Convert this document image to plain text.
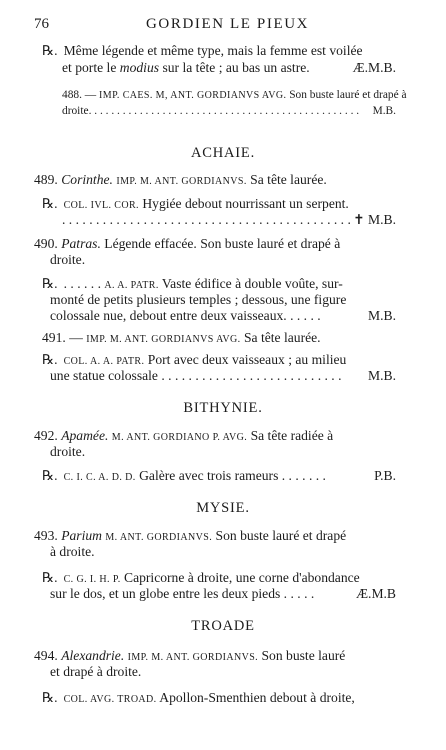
76	GORDIEN LE PIEUX
℞. Même légende et même type, mais la femme est voilée
et porte le modius sur la tête ; au bas un astre.	Æ.M.B.
488. — IMP. CAES. M, ANT. GORDIANVS AVG. Son buste lauré et drapé à
droite. . . . . . . . . . . . . . . . . . . . . . . . . . . . . . . . . . . . . . . . . . . . . . . . M.B.
ACHAIE.
489. Corinthe. IMP. M. ANT. GORDIANVS. Sa tête laurée.
℞. COL. IVL. COR. Hygiée debout nourrissant un serpent.
. . . . . . . . . . . . . . . . . . . . . . . . . . . . . . . . . . . . . . . . . . . ✝ M.B.
490. Patras. Légende effacée. Son buste lauré et drapé à
droite.
℞. . . . . . . A. A. PATR. Vaste édifice à double voûte, sur-
monté de petits plusieurs temples ; dessous, une figure
colossale nue, debout entre deux vaisseaux. . . . . .	M.B.
491. — IMP. M. ANT. GORDIANVS AVG. Sa tête laurée.
℞. COL. A. A. PATR. Port avec deux vaisseaux ; au milieu
une statue colossale . . . . . . . . . . . . . . . . . . . . . . . . . . . M.B.
BITHYNIE.
492. Apamée. M. ANT. GORDIANO P. AVG. Sa tête radiée à
droite.
℞. C. I. C. A. D. D. Galère avec trois rameurs . . . . . . .	P.B.
MYSIE.
493. Parium M. ANT. GORDIANVS. Son buste lauré et drapé
à droite.
℞. C. G. I. H. P. Capricorne à droite, une corne d'abondance
sur le dos, et un globe entre les deux pieds . . . . .	Æ.M.B
TROADE
494. Alexandrie. IMP. M. ANT. GORDIANVS. Son buste lauré
et drapé à droite.
℞. COL. AVG. TROAD. Apollon-Smenthien debout à droite,
